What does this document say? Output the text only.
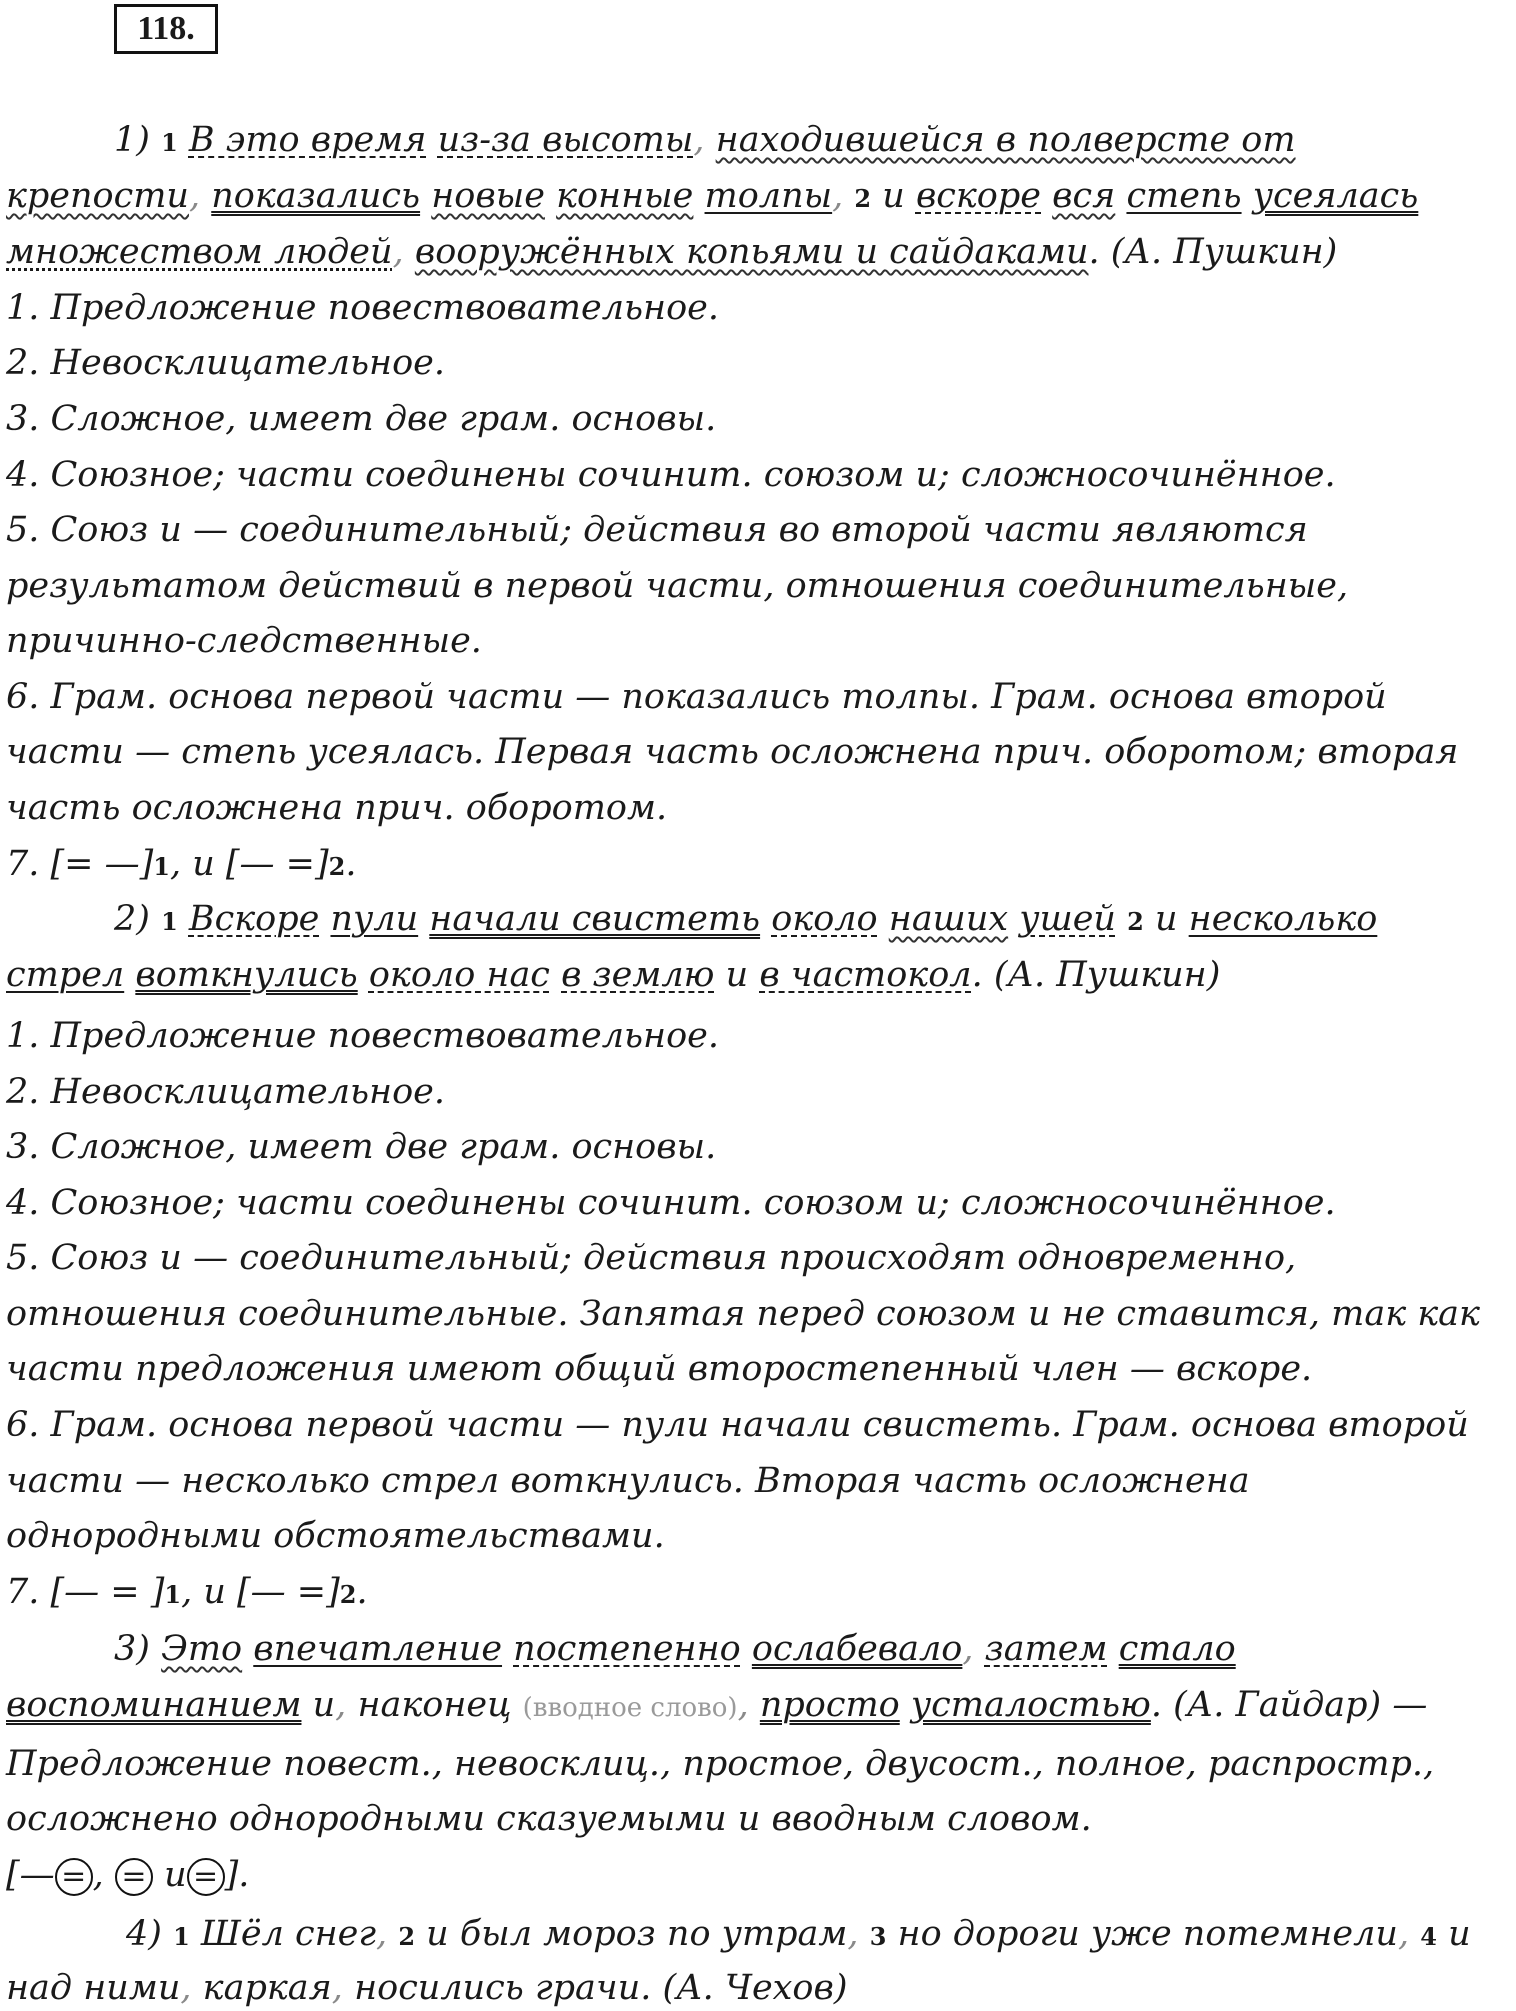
118.
1) 1 В это время из-за высоты, находившейся в полверсте от
крепости, показались новые конные толпы, 2 и вскоре вся степь усеялась
множеством людей, вооружённых копьями и сайдаками. (А. Пушкин)
1. Предложение повествовательное.
2. Невосклицательное.
3. Сложное, имеет две грам. основы.
4. Союзное; части соединены сочинит. союзом и; сложносочинённое.
5. Союз и — соединительный; действия во второй части являются
результатом действий в первой части, отношения соединительные,
причинно-следственные.
6. Грам. основа первой части — показались толпы. Грам. основа второй
части — степь усеялась. Первая часть осложнена прич. оборотом; вторая
часть осложнена прич. оборотом.
7. [= —]1, и [— =]2.
2) 1 Вскоре пули начали свистеть около наших ушей 2 и несколько
стрел воткнулись около нас в землю и в частокол. (А. Пушкин)
1. Предложение повествовательное.
2. Невосклицательное.
3. Сложное, имеет две грам. основы.
4. Союзное; части соединены сочинит. союзом и; сложносочинённое.
5. Союз и — соединительный; действия происходят одновременно,
отношения соединительные. Запятая перед союзом и не ставится, так как
части предложения имеют общий второстепенный член — вскоре.
6. Грам. основа первой части — пули начали свистеть. Грам. основа второй
части — несколько стрел воткнулись. Вторая часть осложнена
однородными обстоятельствами.
7. [— = ]1, и [— =]2.
3) Это впечатление постепенно ослабевало, затем стало
воспоминанием и, наконец (вводное слово), просто усталостью. (А. Гайдар) —
Предложение повест., невосклиц., простое, двусост., полное, распростр.,
осложнено однородными сказуемыми и вводным словом.
[— = , = и = ].
4) 1 Шёл снег, 2 и был мороз по утрам, 3 но дороги уже потемнели, 4 и
над ними, каркая, носились грачи. (А. Чехов)
